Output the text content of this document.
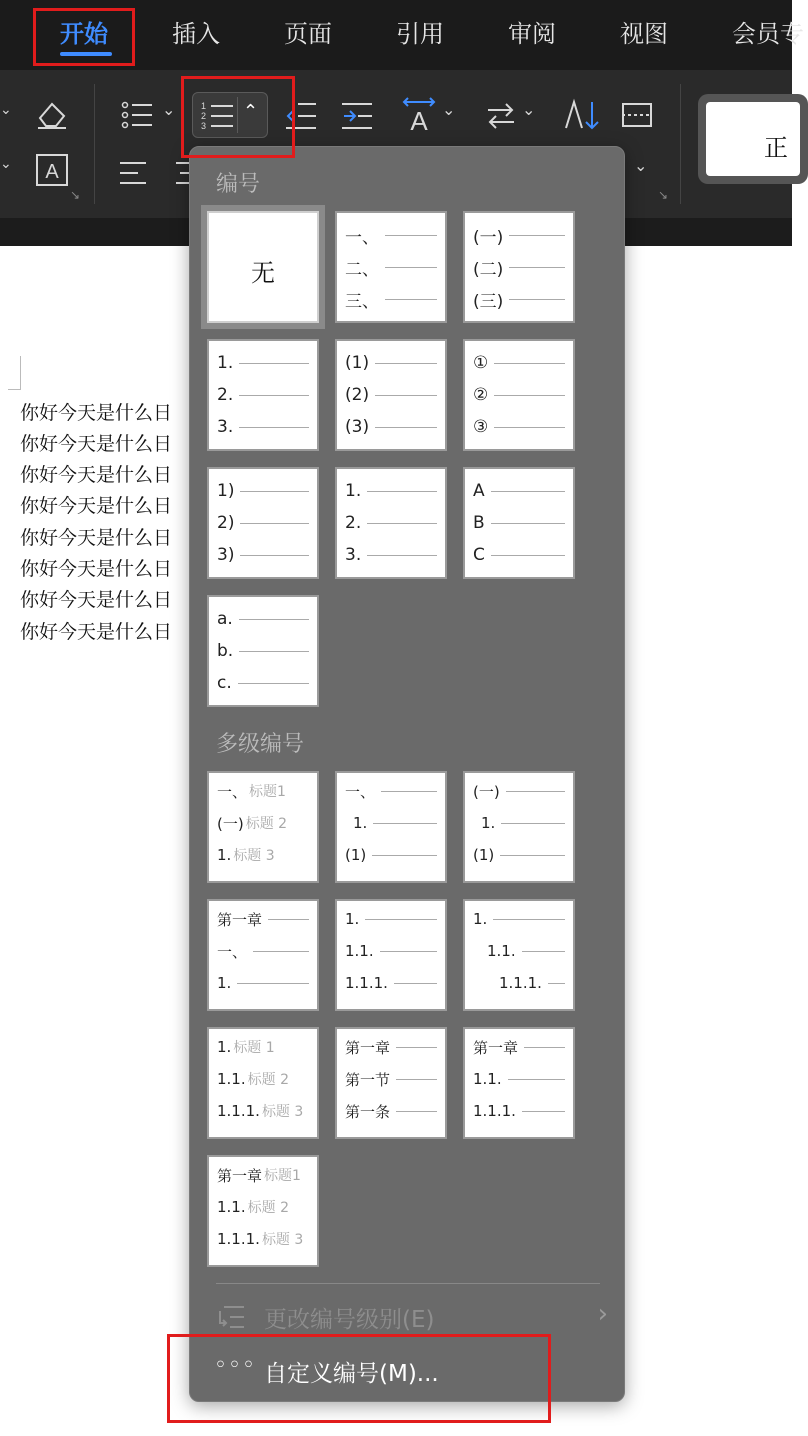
开始	插入	页面	引用	审阅	视图	会员专
⌄
⌄ A
↘
⌄	1
2
3
⌃	A ⌄	⌄
⌄
↘
正
你好今天是什么日
你好今天是什么日
你好今天是什么日
你好今天是什么日
你好今天是什么日
你好今天是什么日
你好今天是什么日
你好今天是什么日
编号
无
多级编号
更改编号级别(E)	›
◦◦◦ 自定义编号(M)...
一、
二、
三、
(一)
(二)
(三)
1.
2.
3.
(1)
(2)
(3)
①
②
③
1)
2)
3)
1.
2.
3.
A
B
C
a.
b.
c.
一、 标题1
(一) 标题 2
1. 标题 3
一、
1.
(1)
(一)
1.
(1)
第一章
一、
1.
1.
1.1.
1.1.1.
1.
1.1.
1.1.1.
1. 标题 1
1.1. 标题 2
1.1.1. 标题 3
第一章
第一节
第一条
第一章
1.1.
1.1.1.
第一章 标题1
1.1. 标题 2
1.1.1. 标题 3
